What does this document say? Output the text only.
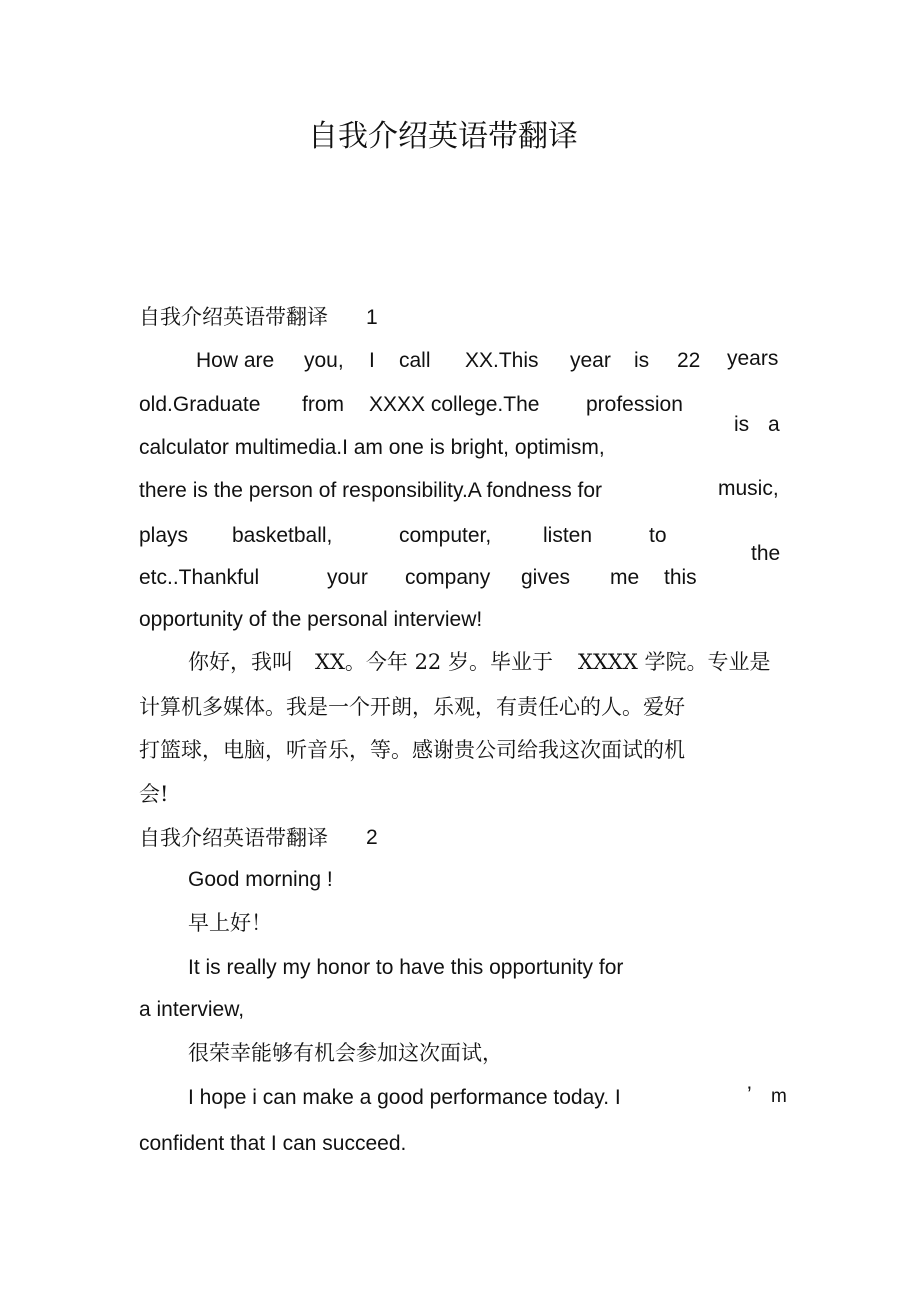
自我介绍英语带翻译
自我介绍英语带翻译 1
How are you, I call XX.This year is 22 years
old.Graduate from XXXX college.The profession
is a
calculator multimedia.I am one is bright, optimism,
there is the person of responsibility.A fondness for	music,
plays basketball,	computer, listen	to
the
etc..Thankful	your company gives me this
opportunity of the personal interview!
你好，我叫 XX。今年 22 岁。毕业于 XXXX 学院。专业是
计算机多媒体。我是一个开朗，乐观，有责任心的人。爱好
打篮球，电脑，听音乐，等。感谢贵公司给我这次面试的机
会!
自我介绍英语带翻译 2
Good morning !
早上好！
It is really my honor to have this opportunity for
a interview,
很荣幸能够有机会参加这次面试，
I hope i can make a good performance today. I	’ m
confident that I can succeed.
